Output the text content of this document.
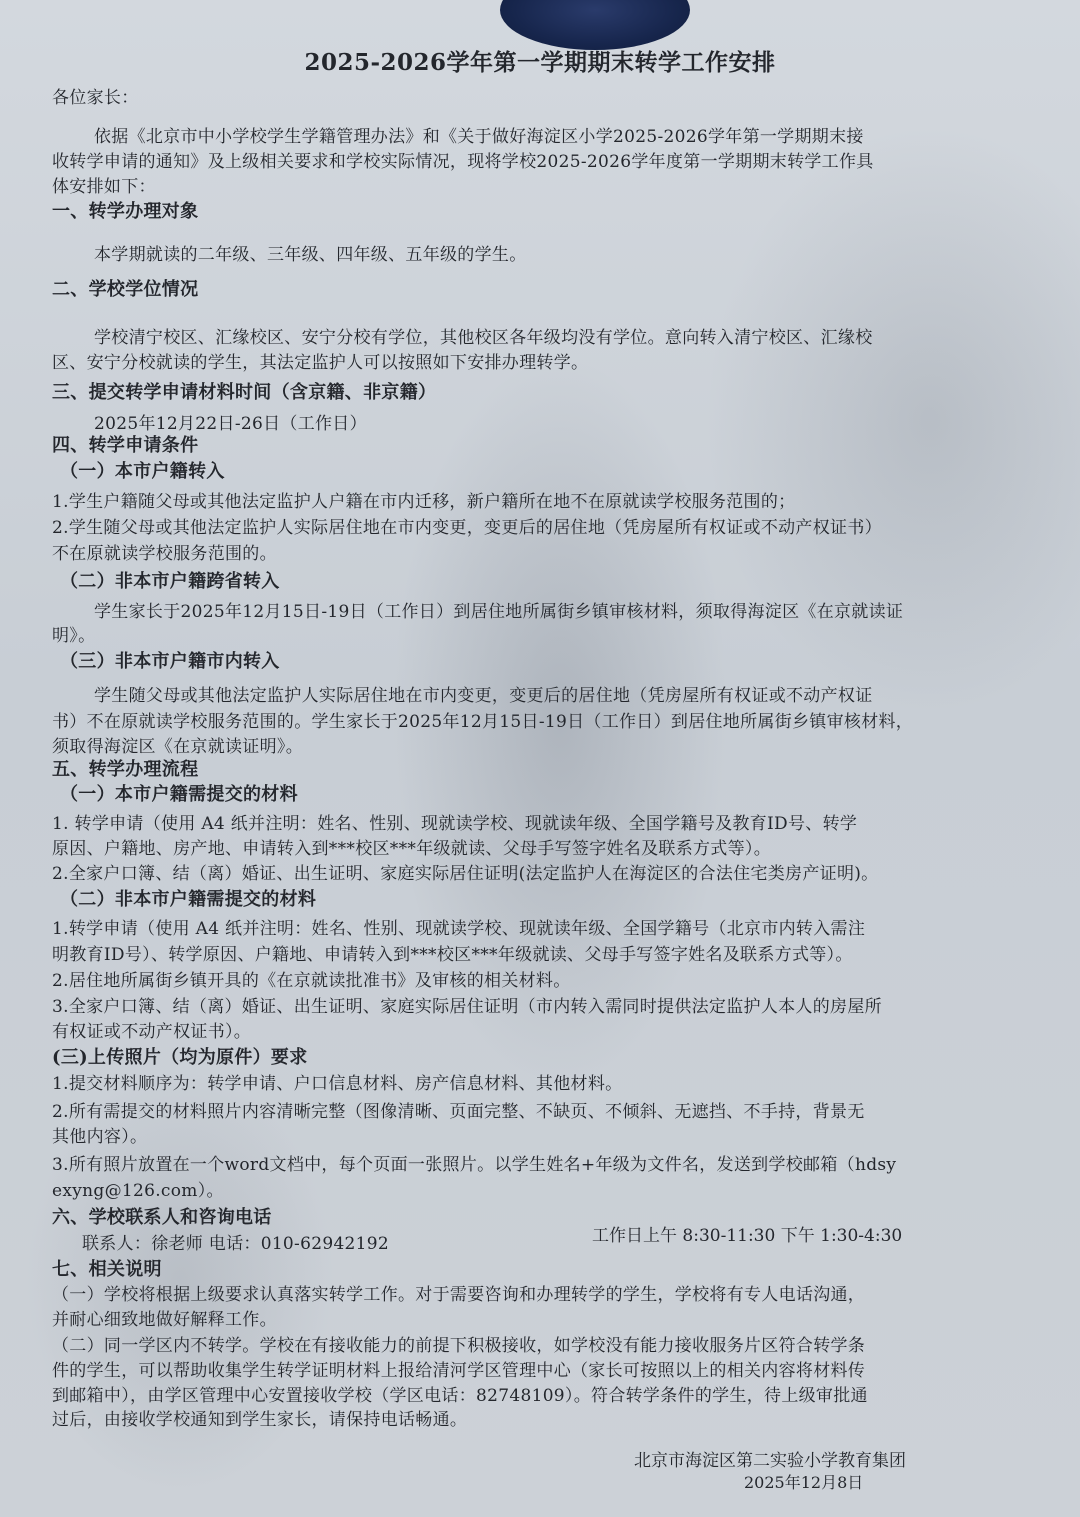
2025-2026学年第一学期期末转学工作安排
各位家长：
依据《北京市中小学校学生学籍管理办法》和《关于做好海淀区小学2025-2026学年第一学期期末接
收转学申请的通知》及上级相关要求和学校实际情况，现将学校2025-2026学年度第一学期期末转学工作具
体安排如下：
一、转学办理对象
本学期就读的二年级、三年级、四年级、五年级的学生。
二、学校学位情况
学校清宁校区、汇缘校区、安宁分校有学位，其他校区各年级均没有学位。意向转入清宁校区、汇缘校
区、安宁分校就读的学生，其法定监护人可以按照如下安排办理转学。
三、提交转学申请材料时间（含京籍、非京籍）
2025年12月22日-26日（工作日）
四、转学申请条件
（一）本市户籍转入
1.学生户籍随父母或其他法定监护人户籍在市内迁移，新户籍所在地不在原就读学校服务范围的；
2.学生随父母或其他法定监护人实际居住地在市内变更，变更后的居住地（凭房屋所有权证或不动产权证书）
不在原就读学校服务范围的。
（二）非本市户籍跨省转入
学生家长于2025年12月15日-19日（工作日）到居住地所属街乡镇审核材料，须取得海淀区《在京就读证
明》。
（三）非本市户籍市内转入
学生随父母或其他法定监护人实际居住地在市内变更，变更后的居住地（凭房屋所有权证或不动产权证
书）不在原就读学校服务范围的。学生家长于2025年12月15日-19日（工作日）到居住地所属街乡镇审核材料，
须取得海淀区《在京就读证明》。
五、转学办理流程
（一）本市户籍需提交的材料
1. 转学申请（使用 A4 纸并注明：姓名、性别、现就读学校、现就读年级、全国学籍号及教育ID号、转学
原因、户籍地、房产地、申请转入到***校区***年级就读、父母手写签字姓名及联系方式等）。
2.全家户口簿、结（离）婚证、出生证明、家庭实际居住证明(法定监护人在海淀区的合法住宅类房产证明)。
（二）非本市户籍需提交的材料
1.转学申请（使用 A4 纸并注明：姓名、性别、现就读学校、现就读年级、全国学籍号（北京市内转入需注
明教育ID号）、转学原因、户籍地、申请转入到***校区***年级就读、父母手写签字姓名及联系方式等）。
2.居住地所属街乡镇开具的《在京就读批准书》及审核的相关材料。
3.全家户口簿、结（离）婚证、出生证明、家庭实际居住证明（市内转入需同时提供法定监护人本人的房屋所
有权证或不动产权证书）。
(三)上传照片（均为原件）要求
1.提交材料顺序为：转学申请、户口信息材料、房产信息材料、其他材料。
2.所有需提交的材料照片内容清晰完整（图像清晰、页面完整、不缺页、不倾斜、无遮挡、不手持，背景无
其他内容）。
3.所有照片放置在一个word文档中，每个页面一张照片。以学生姓名+年级为文件名，发送到学校邮箱（hdsy
exyng@126.com）。
六、学校联系人和咨询电话
联系人：徐老师 电话：010-62942192	工作日上午 8:30-11:30 下午 1:30-4:30
七、相关说明
（一）学校将根据上级要求认真落实转学工作。对于需要咨询和办理转学的学生，学校将有专人电话沟通，
并耐心细致地做好解释工作。
（二）同一学区内不转学。学校在有接收能力的前提下积极接收，如学校没有能力接收服务片区符合转学条
件的学生，可以帮助收集学生转学证明材料上报给清河学区管理中心（家长可按照以上的相关内容将材料传
到邮箱中），由学区管理中心安置接收学校（学区电话：82748109）。符合转学条件的学生，待上级审批通
过后，由接收学校通知到学生家长，请保持电话畅通。
北京市海淀区第二实验小学教育集团
2025年12月8日
